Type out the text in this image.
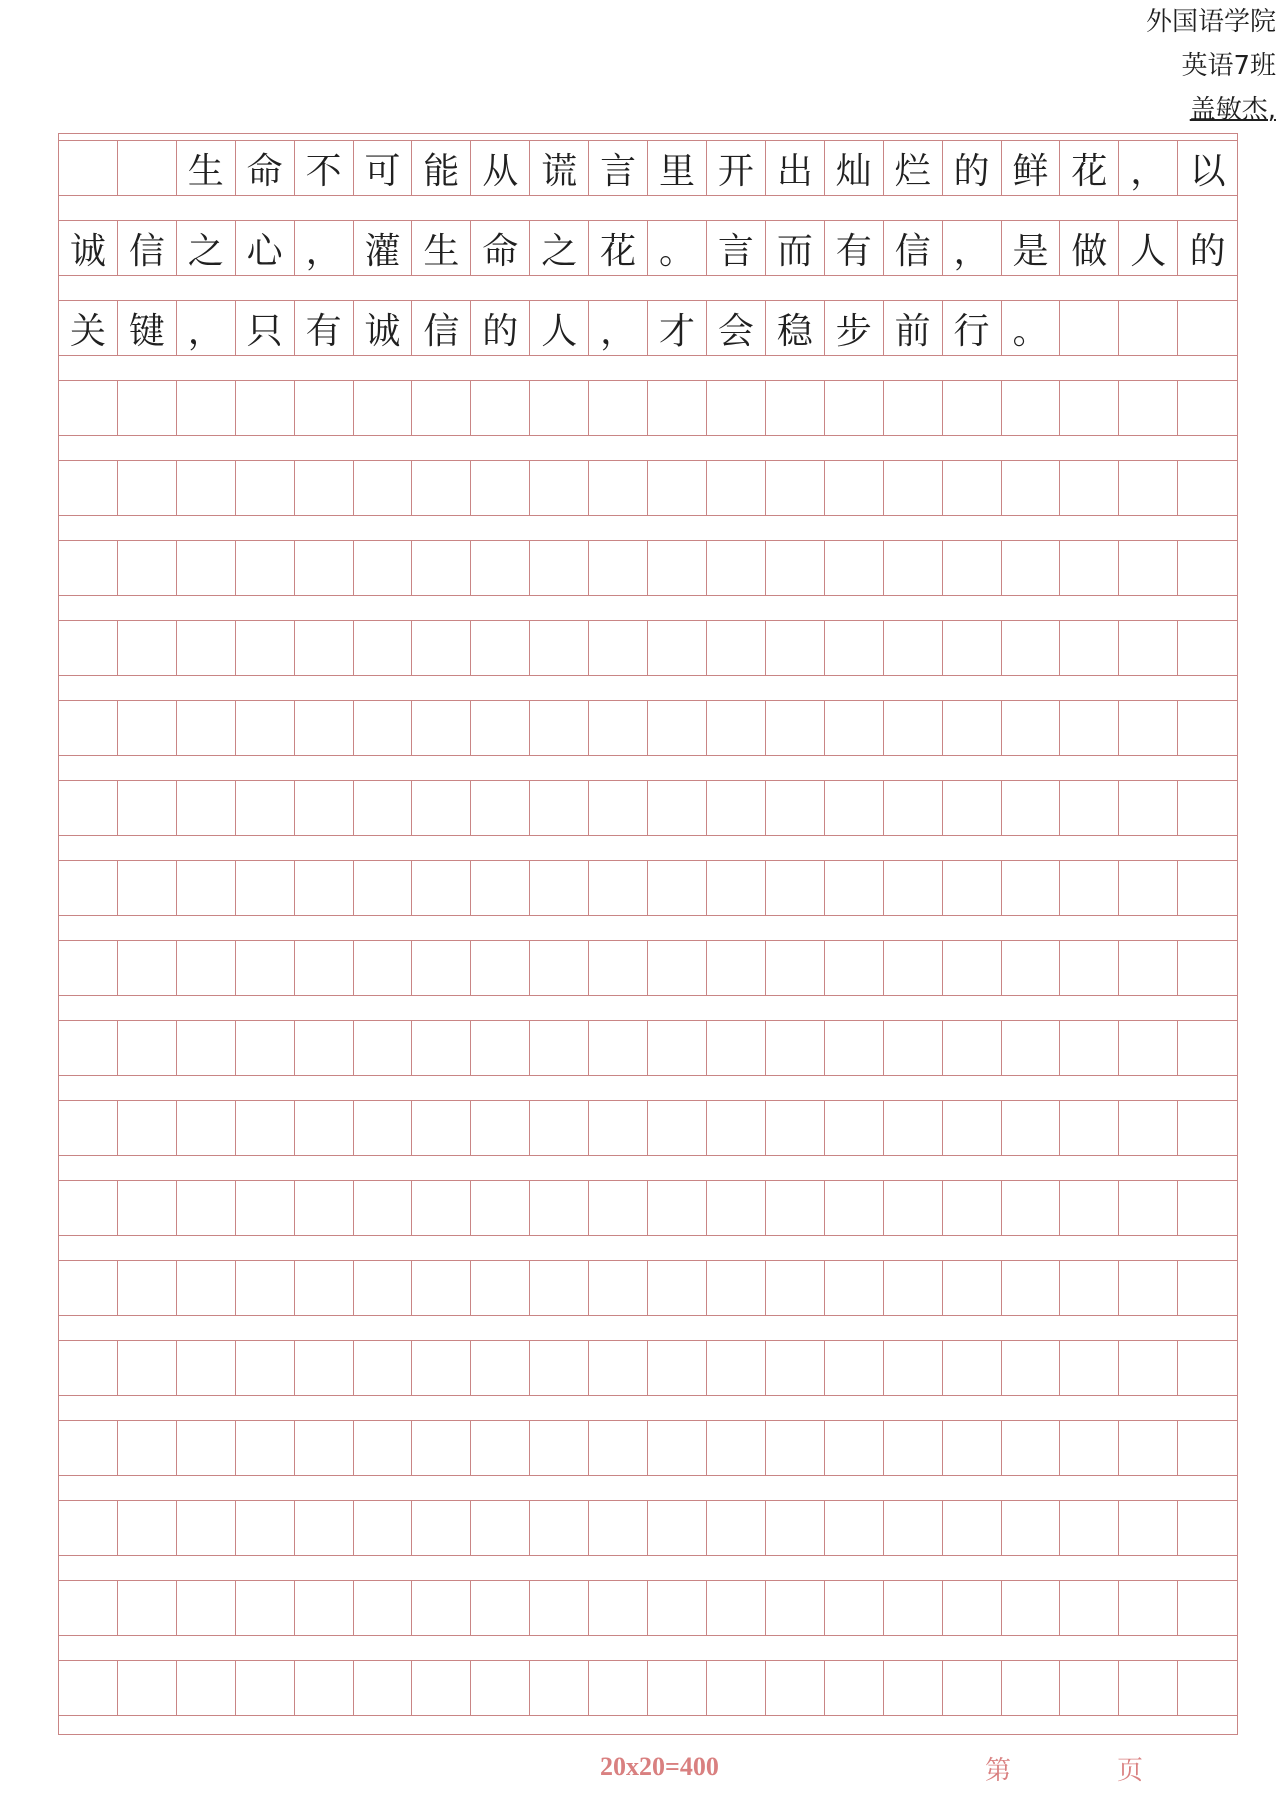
外国语学院
英语7班
盖敏杰,
生 命 不 可 能 从 谎 言 里 开 出 灿 烂 的 鲜 花 ， 以
诚 信 之 心 ， 灌 生 命 之 花 。 言 而 有 信 ， 是 做 人 的
关 键 ， 只 有 诚 信 的 人 ， 才 会 稳 步 前 行 。
20x20=400	第	页
